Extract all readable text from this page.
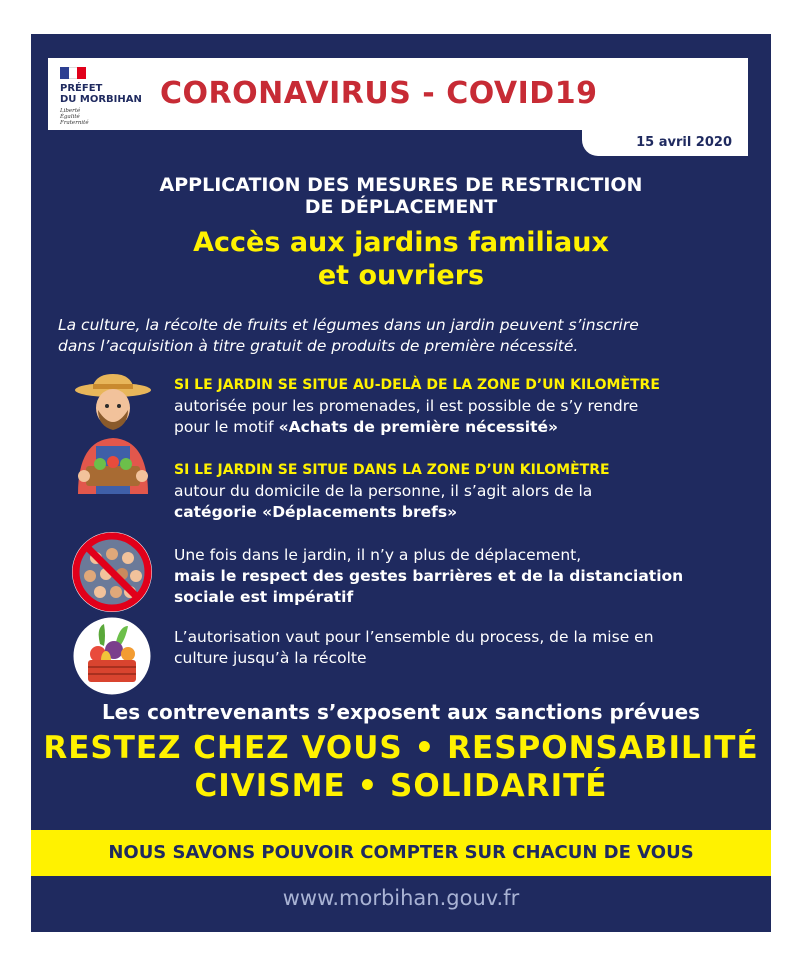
PRÉFET
DU MORBIHAN
Liberté
Égalité
Fraternité
CORONAVIRUS - COVID19
15 avril 2020
APPLICATION DES MESURES DE RESTRICTION
DE DÉPLACEMENT
Accès aux jardins familiaux
et ouvriers
La culture, la récolte de fruits et légumes dans un jardin peuvent s’inscrire
dans l’acquisition à titre gratuit de produits de première nécessité.
SI LE JARDIN SE SITUE AU-DELÀ DE LA ZONE D’UN KILOMÈTRE
autorisée pour les promenades, il est possible de s’y rendre
pour le motif «Achats de première nécessité»
SI LE JARDIN SE SITUE DANS LA ZONE D’UN KILOMÈTRE
autour du domicile de la personne, il s’agit alors de la
catégorie «Déplacements brefs»
Une fois dans le jardin, il n’y a plus de déplacement,
mais le respect des gestes barrières et de la distanciation
sociale est impératif
L’autorisation vaut pour l’ensemble du process, de la mise en
culture jusqu’à la récolte
Les contrevenants s’exposent aux sanctions prévues
RESTEZ CHEZ VOUS • RESPONSABILITÉ
CIVISME • SOLIDARITÉ
NOUS SAVONS POUVOIR COMPTER SUR CHACUN DE VOUS
www.morbihan.gouv.fr
